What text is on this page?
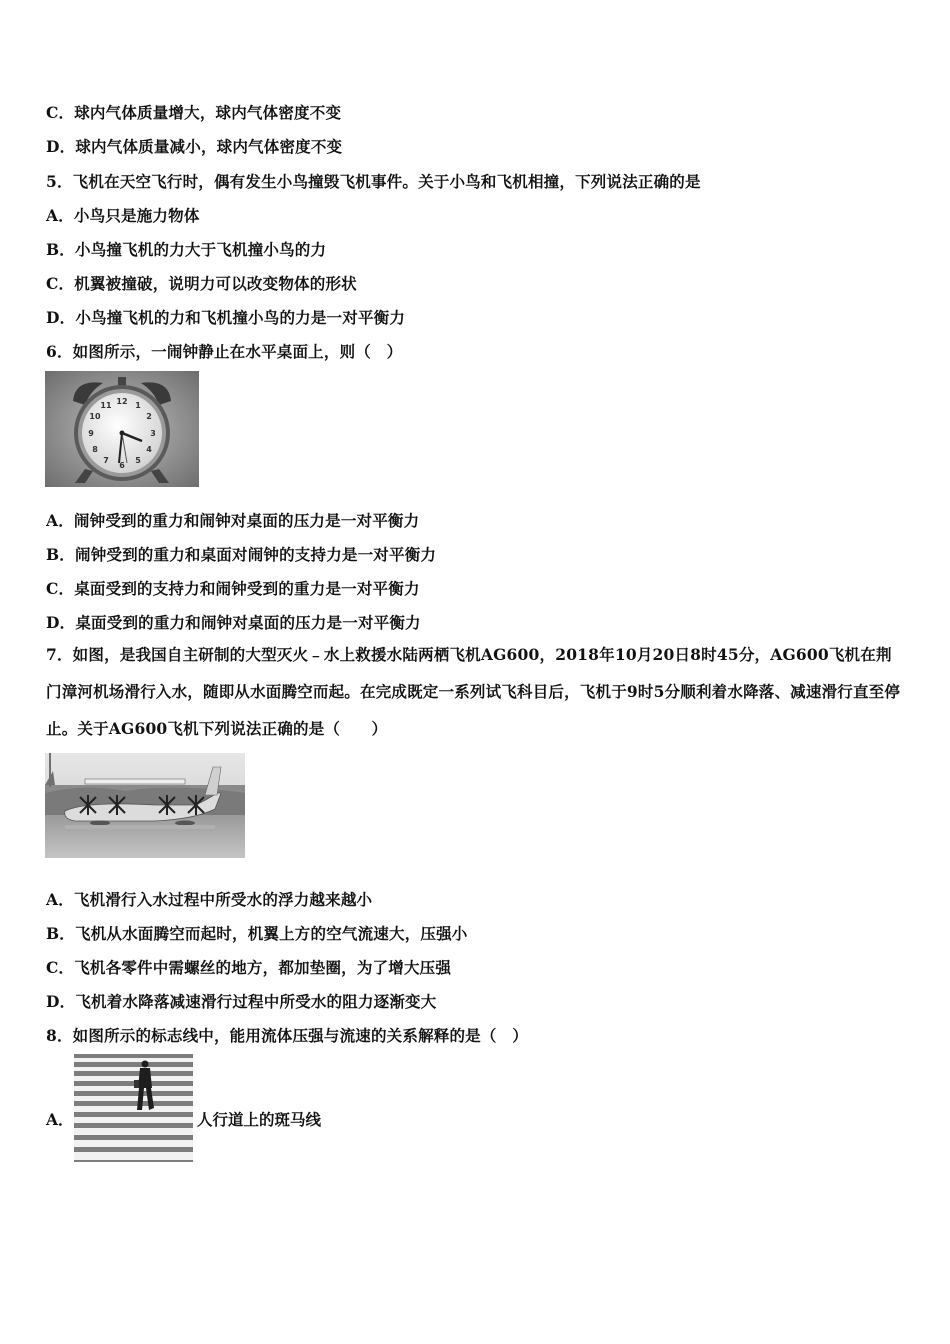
C．球内气体质量增大，球内气体密度不变
D．球内气体质量减小，球内气体密度不变
5．飞机在天空飞行时，偶有发生小鸟撞毁飞机事件。关于小鸟和飞机相撞，下列说法正确的是
A．小鸟只是施力物体
B．小鸟撞飞机的力大于飞机撞小鸟的力
C．机翼被撞破，说明力可以改变物体的形状
D．小鸟撞飞机的力和飞机撞小鸟的力是一对平衡力
6．如图所示，一闹钟静止在水平桌面上，则（　）
12 1
2
3
4
5
6
7
8
9
10
11
A．闹钟受到的重力和闹钟对桌面的压力是一对平衡力
B．闹钟受到的重力和桌面对闹钟的支持力是一对平衡力
C．桌面受到的支持力和闹钟受到的重力是一对平衡力
D．桌面受到的重力和闹钟对桌面的压力是一对平衡力
7．如图，是我国自主研制的大型灭火﹣水上救援水陆两栖飞机AG600，2018年10月20日8时45分，AG600飞机在荆门漳河机场滑行入水，随即从水面腾空而起。在完成既定一系列试飞科目后，飞机于9时5分顺利着水降落、减速滑行直至停止。关于AG600飞机下列说法正确的是（　　）
A．飞机滑行入水过程中所受水的浮力越来越小
B．飞机从水面腾空而起时，机翼上方的空气流速大，压强小
C．飞机各零件中需螺丝的地方，都加垫圈，为了增大压强
D．飞机着水降落减速滑行过程中所受水的阻力逐渐变大
8．如图所示的标志线中，能用流体压强与流速的关系解释的是（　）
A．	人行道上的斑马线
